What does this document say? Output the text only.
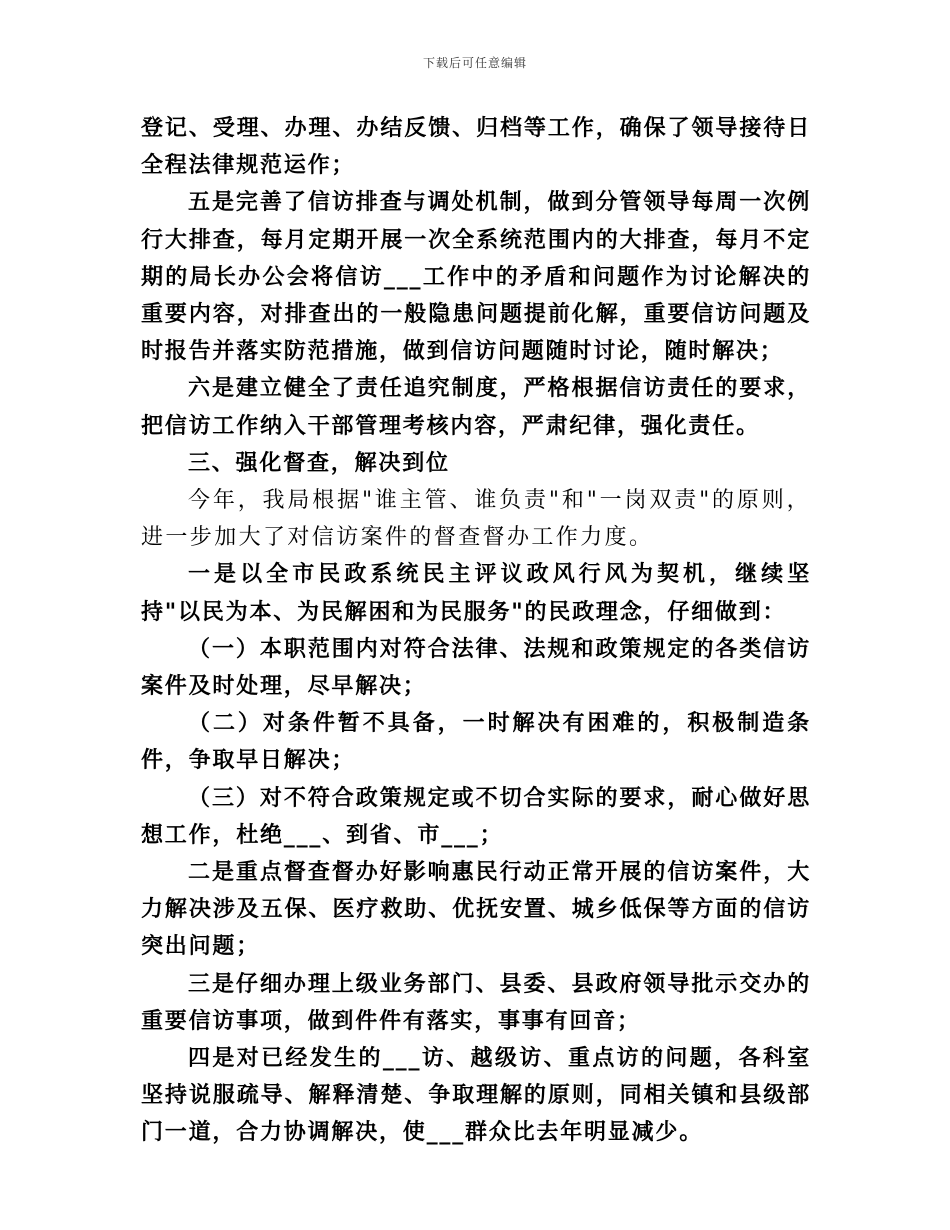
下载后可任意编辑

登记、受理、办理、办结反馈、归档等工作，确保了领导接待日全程法律规范运作；

五是完善了信访排查与调处机制，做到分管领导每周一次例行大排查，每月定期开展一次全系统范围内的大排查，每月不定期的局长办公会将信访___工作中的矛盾和问题作为讨论解决的重要内容，对排查出的一般隐患问题提前化解，重要信访问题及时报告并落实防范措施，做到信访问题随时讨论，随时解决；

六是建立健全了责任追究制度，严格根据信访责任的要求，把信访工作纳入干部管理考核内容，严肃纪律，强化责任。

三、强化督查，解决到位

今年，我局根据"谁主管、谁负责"和"一岗双责"的原则，进一步加大了对信访案件的督查督办工作力度。

一是以全市民政系统民主评议政风行风为契机，继续坚持"以民为本、为民解困和为民服务"的民政理念，仔细做到：

（一）本职范围内对符合法律、法规和政策规定的各类信访案件及时处理，尽早解决；

（二）对条件暂不具备，一时解决有困难的，积极制造条件，争取早日解决；

（三）对不符合政策规定或不切合实际的要求，耐心做好思想工作，杜绝___、到省、市___；

二是重点督查督办好影响惠民行动正常开展的信访案件，大力解决涉及五保、医疗救助、优抚安置、城乡低保等方面的信访突出问题；

三是仔细办理上级业务部门、县委、县政府领导批示交办的重要信访事项，做到件件有落实，事事有回音；

四是对已经发生的___访、越级访、重点访的问题，各科室坚持说服疏导、解释清楚、争取理解的原则，同相关镇和县级部门一道，合力协调解决，使___群众比去年明显减少。
